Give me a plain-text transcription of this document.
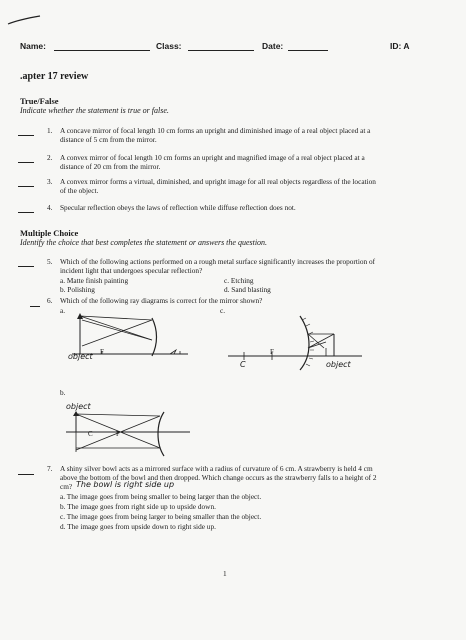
Name:	Class:	Date:	ID: A
.apter 17 review
True/False
Indicate whether the statement is true or false.
1. A concave mirror of focal length 10 cm forms an upright and diminished image of a real object placed at a
distance of 5 cm from the mirror.
2. A convex mirror of focal length 10 cm forms an upright and magnified image of a real object placed at a
distance of 20 cm from the mirror.
3. A convex mirror forms a virtual, diminished, and upright image for all real objects regardless of the location
of the object.
4. Specular reflection obeys the laws of reflection while diffuse reflection does not.
Multiple Choice
Identify the choice that best completes the statement or answers the question.
5. Which of the following actions performed on a rough metal surface significantly increases the proportion of
incident light that undergoes specular reflection?
a. Matte finish painting	c. Etching
b. Polishing	d. Sand blasting
6. Which of the following ray diagrams is correct for the mirror shown?
a.
object F
c.
C
F
object
b.
object
C	F
7. A shiny silver bowl acts as a mirrored surface with a radius of curvature of 6 cm. A strawberry is held 4 cm
above the bottom of the bowl and then dropped. Which change occurs as the strawberry falls to a height of 2
cm? The bowl is right side up
a. The image goes from being smaller to being larger than the object.
b. The image goes from right side up to upside down.
c. The image goes from being larger to being smaller than the object.
d. The image goes from upside down to right side up.
1
